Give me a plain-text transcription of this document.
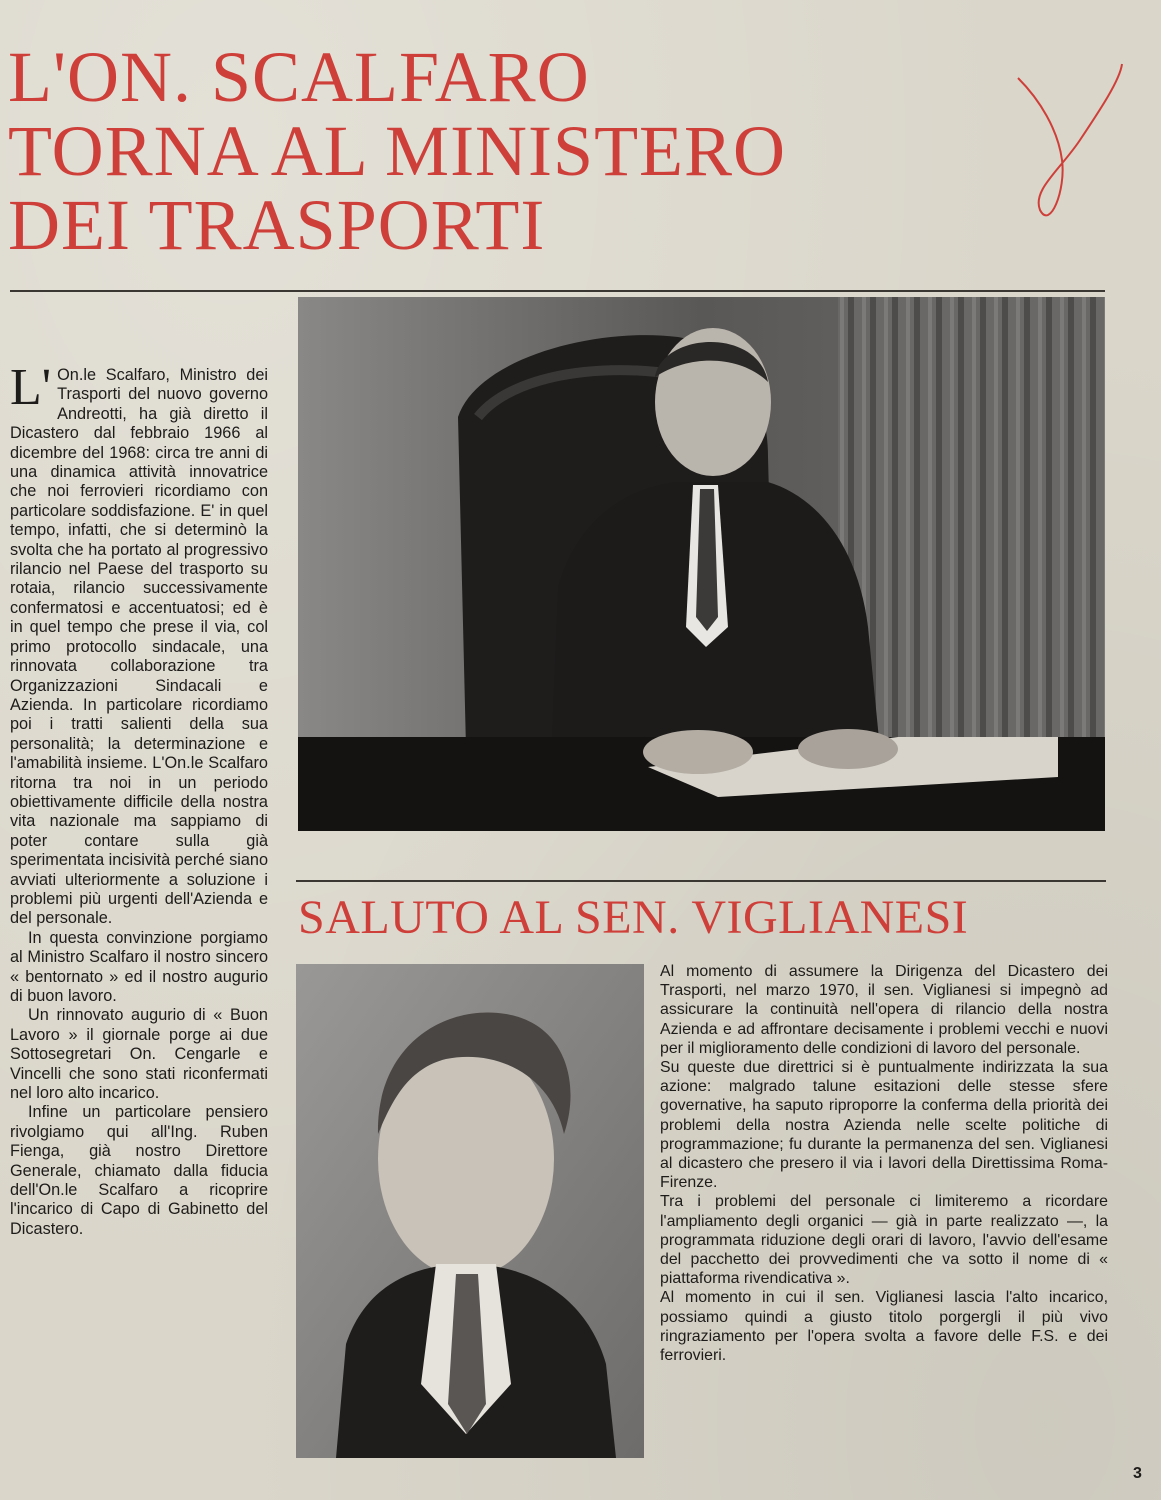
L'ON. SCALFARO
TORNA AL MINISTERO
DEI TRASPORTI

L' On.le Scalfaro, Ministro dei Trasporti del nuovo governo Andreotti, ha già diretto il Dicastero dal febbraio 1966 al dicembre del 1968: circa tre anni di una dinamica attività innovatrice che noi ferrovieri ricordiamo con particolare soddisfazione. E' in quel tempo, infatti, che si determinò la svolta che ha portato al progressivo rilancio nel Paese del trasporto su rotaia, rilancio successivamente confermatosi e accentuatosi; ed è in quel tempo che prese il via, col primo protocollo sindacale, una rinnovata collaborazione tra Organizzazioni Sindacali e Azienda. In particolare ricordiamo poi i tratti salienti della sua personalità; la determinazione e l'amabilità insieme. L'On.le Scalfaro ritorna tra noi in un periodo obiettivamente difficile della nostra vita nazionale ma sappiamo di poter contare sulla già sperimentata incisività perché siano avviati ulteriormente a soluzione i problemi più urgenti dell'Azienda e del personale.

In questa convinzione porgiamo al Ministro Scalfaro il nostro sincero « bentornato » ed il nostro augurio di buon lavoro.

Un rinnovato augurio di « Buon Lavoro » il giornale porge ai due Sottosegretari On. Cengarle e Vincelli che sono stati riconfermati nel loro alto incarico.

Infine un particolare pensiero rivolgiamo qui all'Ing. Ruben Fienga, già nostro Direttore Generale, chiamato dalla fiducia dell'On.le Scalfaro a ricoprire l'incarico di Capo di Gabinetto del Dicastero.

SALUTO AL SEN. VIGLIANESI

Al momento di assumere la Dirigenza del Dicastero dei Trasporti, nel marzo 1970, il sen. Viglianesi si impegnò ad assicurare la continuità nell'opera di rilancio della nostra Azienda e ad affrontare decisamente i problemi vecchi e nuovi per il miglioramento delle condizioni di lavoro del personale.

Su queste due direttrici si è puntualmente indirizzata la sua azione: malgrado talune esitazioni delle stesse sfere governative, ha saputo riproporre la conferma della priorità dei problemi della nostra Azienda nelle scelte politiche di programmazione; fu durante la permanenza del sen. Viglianesi al dicastero che presero il via i lavori della Direttissima Roma-Firenze.

Tra i problemi del personale ci limiteremo a ricordare l'ampliamento degli organici — già in parte realizzato —, la programmata riduzione degli orari di lavoro, l'avvio dell'esame del pacchetto dei provvedimenti che va sotto il nome di « piattaforma rivendicativa ».

Al momento in cui il sen. Viglianesi lascia l'alto incarico, possiamo quindi a giusto titolo porgergli il più vivo ringraziamento per l'opera svolta a favore delle F.S. e dei ferrovieri.

3
